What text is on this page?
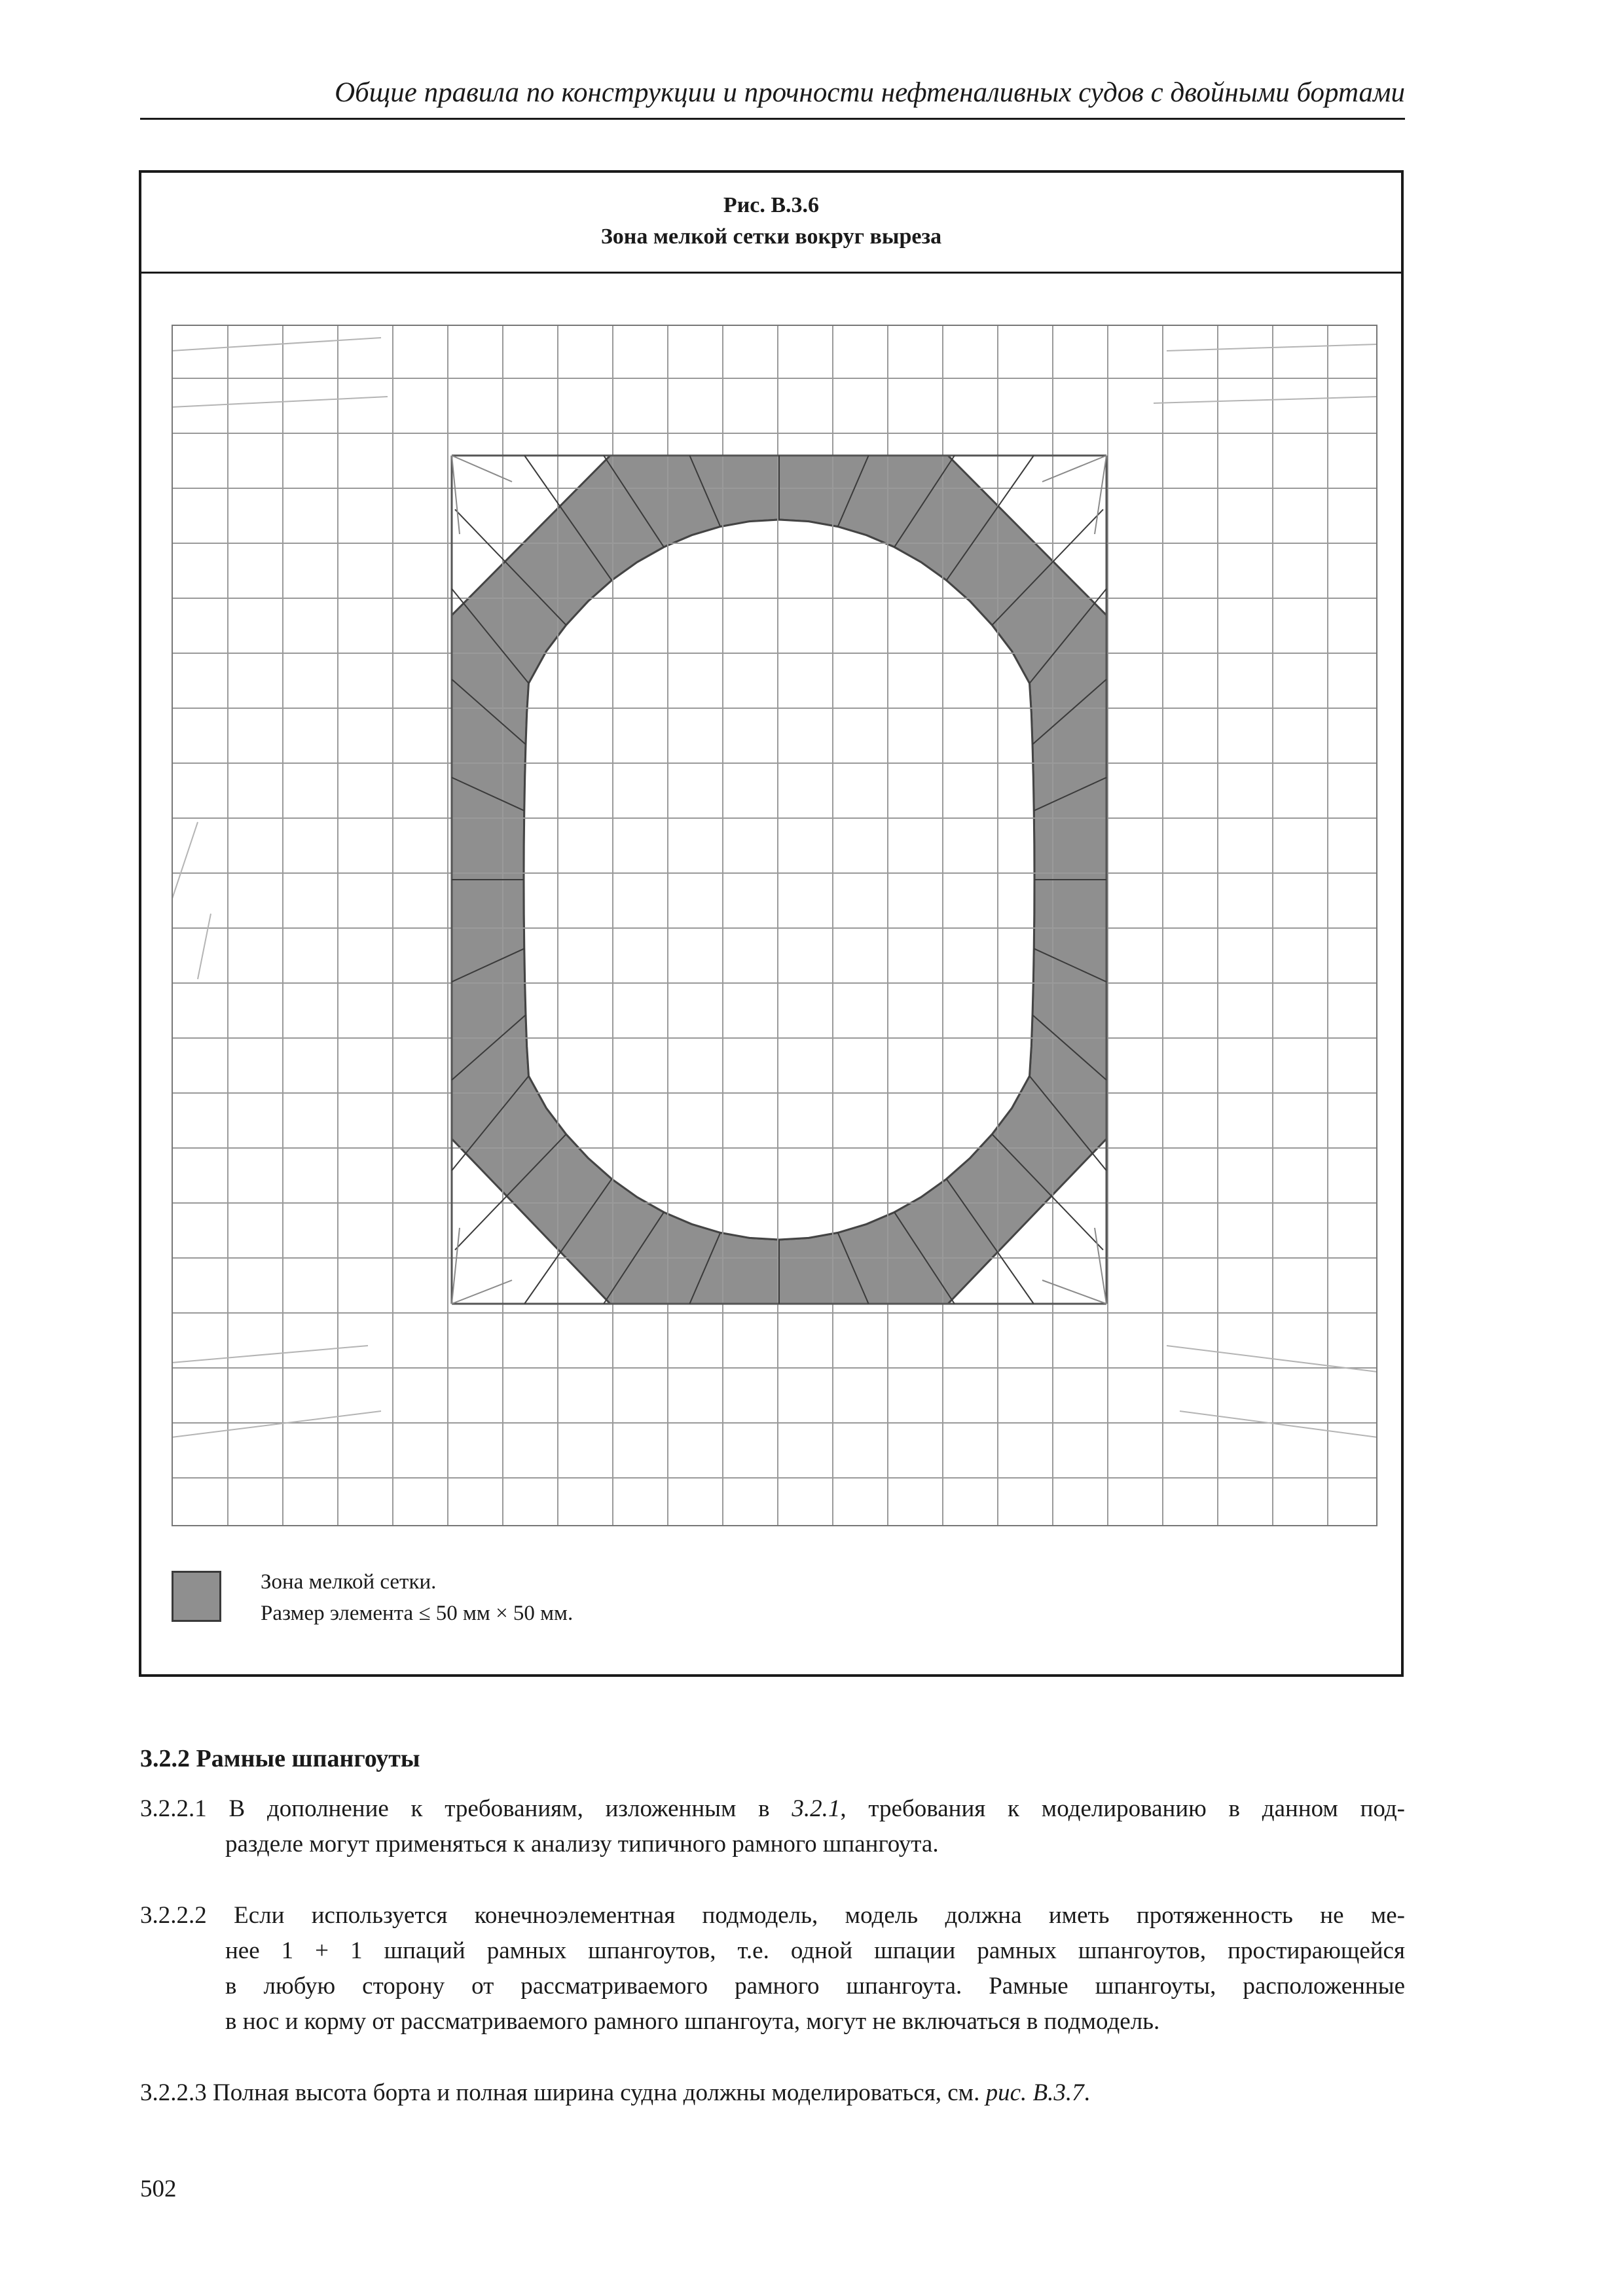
Общие правила по конструкции и прочности нефтеналивных судов с двойными бортами
Рис. В.3.6
Зона мелкой сетки вокруг выреза
Зона мелкой сетки.
Размер элемента ≤ 50 мм × 50 мм.
3.2.2 Рамные шпангоуты
3.2.2.1 В дополнение к требованиям, изложенным в 3.2.1, требования к моделированию в данном под-
разделе могут применяться к анализу типичного рамного шпангоута.
3.2.2.2 Если используется конечноэлементная подмодель, модель должна иметь протяженность не ме-
нее 1 + 1 шпаций рамных шпангоутов, т.е. одной шпации рамных шпангоутов, простирающейся
в любую сторону от рассматриваемого рамного шпангоута. Рамные шпангоуты, расположенные
в нос и корму от рассматриваемого рамного шпангоута, могут не включаться в подмодель.
3.2.2.3 Полная высота борта и полная ширина судна должны моделироваться, см. рис. В.3.7.
502
